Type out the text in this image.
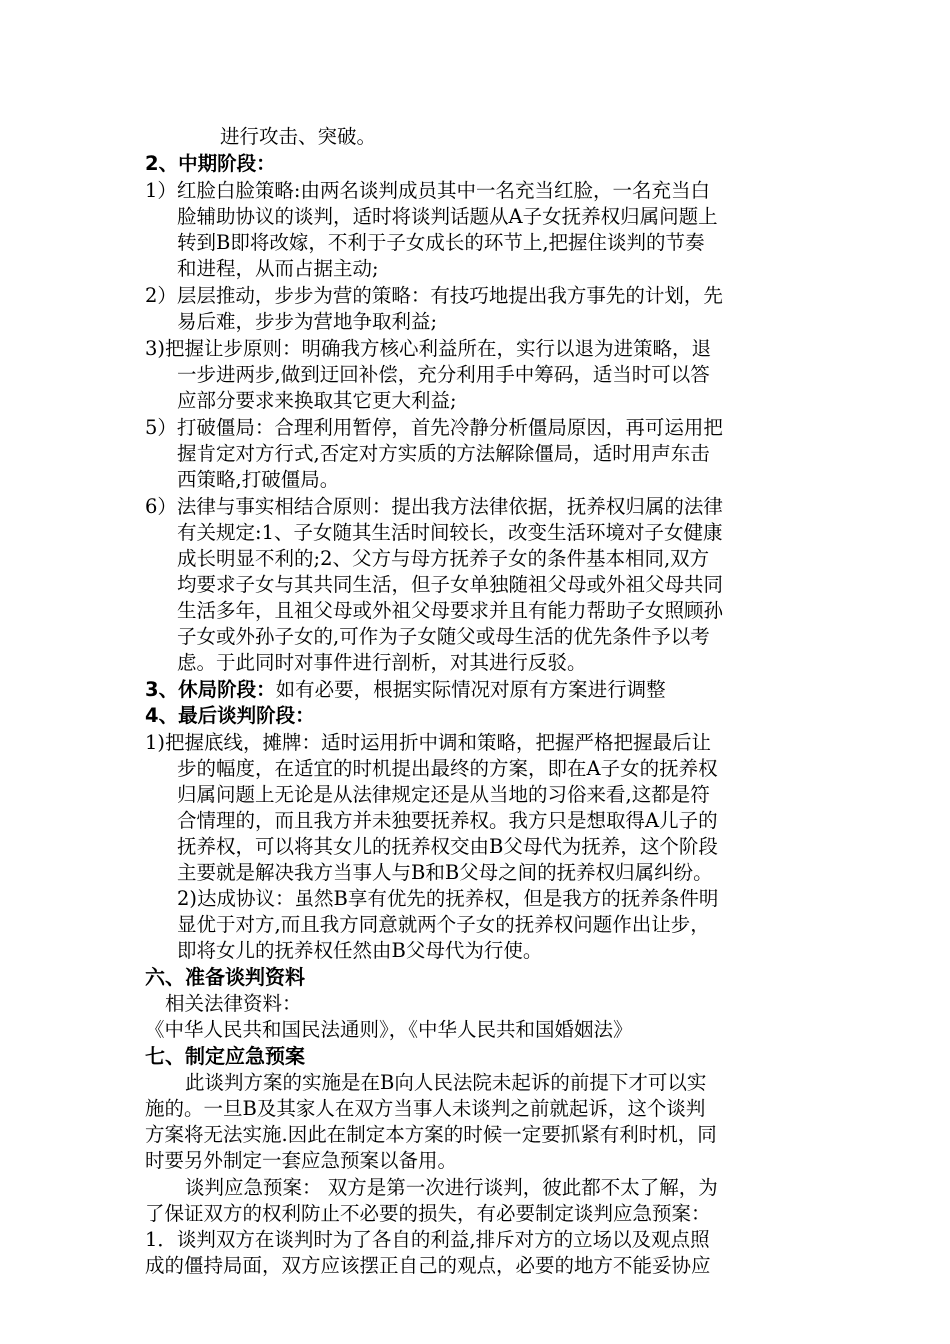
进行攻击、突破。
2、中期阶段：
1）红脸白脸策略:由两名谈判成员其中一名充当红脸，一名充当白
脸辅助协议的谈判，适时将谈判话题从A子女抚养权归属问题上
转到B即将改嫁，不利于子女成长的环节上,把握住谈判的节奏
和进程，从而占据主动;
2）层层推动，步步为营的策略：有技巧地提出我方事先的计划，先
易后难，步步为营地争取利益;
3)把握让步原则：明确我方核心利益所在，实行以退为进策略，退
一步进两步,做到迂回补偿，充分利用手中筹码，适当时可以答
应部分要求来换取其它更大利益;
5）打破僵局：合理利用暂停，首先冷静分析僵局原因，再可运用把
握肯定对方行式,否定对方实质的方法解除僵局，适时用声东击
西策略,打破僵局。
6）法律与事实相结合原则：提出我方法律依据，抚养权归属的法律
有关规定:1、子女随其生活时间较长，改变生活环境对子女健康
成长明显不利的;2、父方与母方抚养子女的条件基本相同,双方
均要求子女与其共同生活，但子女单独随祖父母或外祖父母共同
生活多年，且祖父母或外祖父母要求并且有能力帮助子女照顾孙
子女或外孙子女的,可作为子女随父或母生活的优先条件予以考
虑。于此同时对事件进行剖析，对其进行反驳。
3、休局阶段：如有必要，根据实际情况对原有方案进行调整
4、最后谈判阶段：
1)把握底线，摊牌：适时运用折中调和策略，把握严格把握最后让
步的幅度，在适宜的时机提出最终的方案，即在A子女的抚养权
归属问题上无论是从法律规定还是从当地的习俗来看,这都是符
合情理的，而且我方并未独要抚养权。我方只是想取得A儿子的
抚养权，可以将其女儿的抚养权交由B父母代为抚养，这个阶段
主要就是解决我方当事人与B和B父母之间的抚养权归属纠纷。
2)达成协议：虽然B享有优先的抚养权，但是我方的抚养条件明
显优于对方,而且我方同意就两个子女的抚养权问题作出让步，
即将女儿的抚养权任然由B父母代为行使。
六、准备谈判资料
相关法律资料：
《中华人民共和国民法通则》，《中华人民共和国婚姻法》
七、制定应急预案
此谈判方案的实施是在B向人民法院未起诉的前提下才可以实
施的。一旦B及其家人在双方当事人未谈判之前就起诉，这个谈判
方案将无法实施.因此在制定本方案的时候一定要抓紧有利时机，同
时要另外制定一套应急预案以备用。
谈判应急预案： 双方是第一次进行谈判，彼此都不太了解，为
了保证双方的权利防止不必要的损失，有必要制定谈判应急预案：
1．谈判双方在谈判时为了各自的利益,排斥对方的立场以及观点照
成的僵持局面，双方应该摆正自己的观点，必要的地方不能妥协应
